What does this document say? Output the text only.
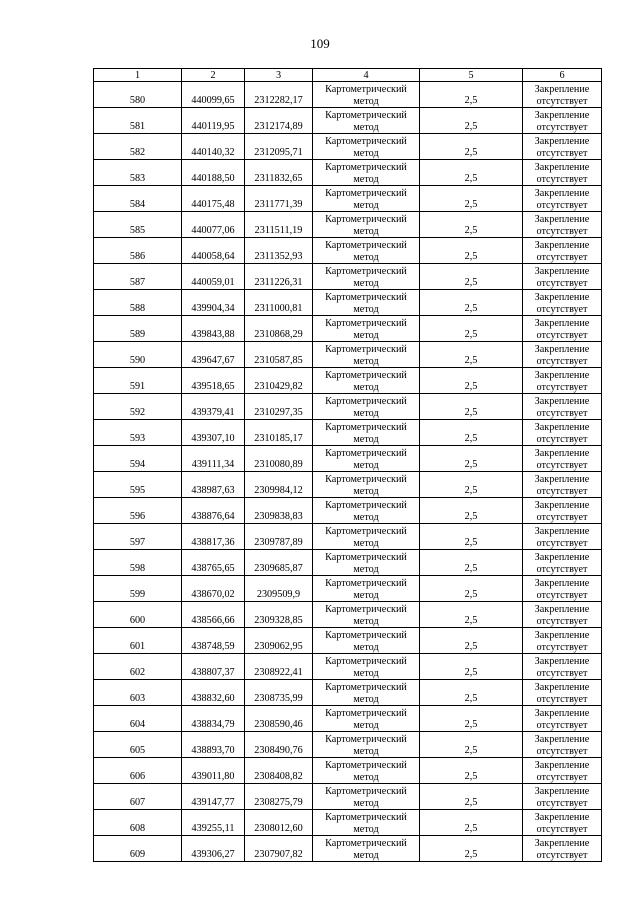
109
1	2	3	4	5	6
580	440099,65	2312282,17	Картометрический метод	2,5	Закрепление отсутствует
581	440119,95	2312174,89	Картометрический метод	2,5	Закрепление отсутствует
582	440140,32	2312095,71	Картометрический метод	2,5	Закрепление отсутствует
583	440188,50	2311832,65	Картометрический метод	2,5	Закрепление отсутствует
584	440175,48	2311771,39	Картометрический метод	2,5	Закрепление отсутствует
585	440077,06	2311511,19	Картометрический метод	2,5	Закрепление отсутствует
586	440058,64	2311352,93	Картометрический метод	2,5	Закрепление отсутствует
587	440059,01	2311226,31	Картометрический метод	2,5	Закрепление отсутствует
588	439904,34	2311000,81	Картометрический метод	2,5	Закрепление отсутствует
589	439843,88	2310868,29	Картометрический метод	2,5	Закрепление отсутствует
590	439647,67	2310587,85	Картометрический метод	2,5	Закрепление отсутствует
591	439518,65	2310429,82	Картометрический метод	2,5	Закрепление отсутствует
592	439379,41	2310297,35	Картометрический метод	2,5	Закрепление отсутствует
593	439307,10	2310185,17	Картометрический метод	2,5	Закрепление отсутствует
594	439111,34	2310080,89	Картометрический метод	2,5	Закрепление отсутствует
595	438987,63	2309984,12	Картометрический метод	2,5	Закрепление отсутствует
596	438876,64	2309838,83	Картометрический метод	2,5	Закрепление отсутствует
597	438817,36	2309787,89	Картометрический метод	2,5	Закрепление отсутствует
598	438765,65	2309685,87	Картометрический метод	2,5	Закрепление отсутствует
599	438670,02	2309509,9	Картометрический метод	2,5	Закрепление отсутствует
600	438566,66	2309328,85	Картометрический метод	2,5	Закрепление отсутствует
601	438748,59	2309062,95	Картометрический метод	2,5	Закрепление отсутствует
602	438807,37	2308922,41	Картометрический метод	2,5	Закрепление отсутствует
603	438832,60	2308735,99	Картометрический метод	2,5	Закрепление отсутствует
604	438834,79	2308590,46	Картометрический метод	2,5	Закрепление отсутствует
605	438893,70	2308490,76	Картометрический метод	2,5	Закрепление отсутствует
606	439011,80	2308408,82	Картометрический метод	2,5	Закрепление отсутствует
607	439147,77	2308275,79	Картометрический метод	2,5	Закрепление отсутствует
608	439255,11	2308012,60	Картометрический метод	2,5	Закрепление отсутствует
609	439306,27	2307907,82	Картометрический метод	2,5	Закрепление отсутствует
